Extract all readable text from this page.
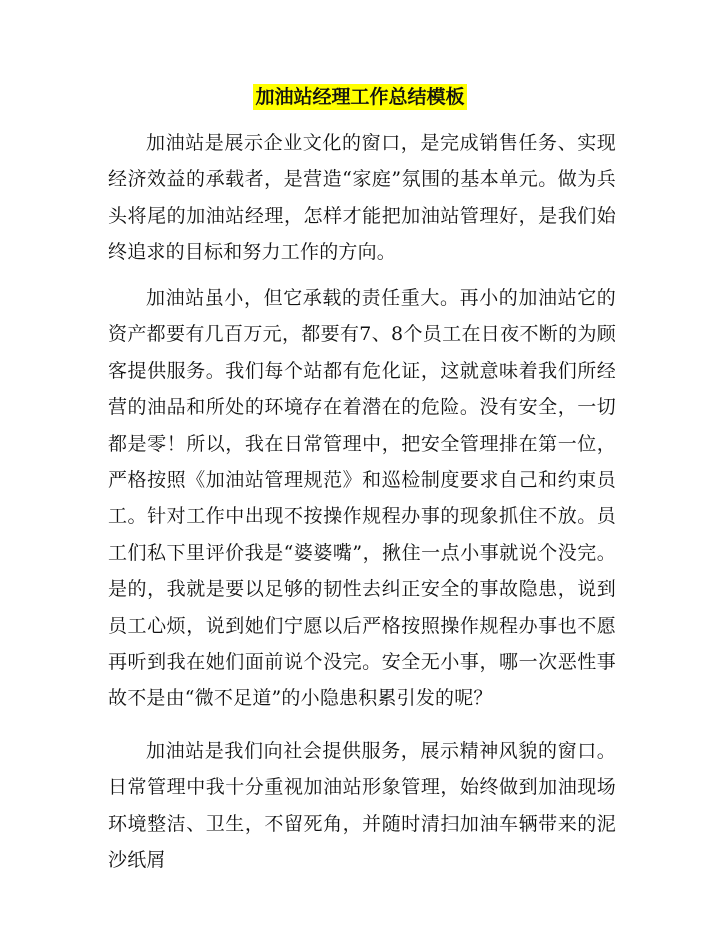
加油站经理工作总结模板

加油站是展示企业文化的窗口，是完成销售任务、实现经济效益的承载者，是营造“家庭”氛围的基本单元。做为兵头将尾的加油站经理，怎样才能把加油站管理好，是我们始终追求的目标和努力工作的方向。

加油站虽小，但它承载的责任重大。再小的加油站它的资产都要有几百万元，都要有7、8个员工在日夜不断的为顾客提供服务。我们每个站都有危化证，这就意味着我们所经营的油品和所处的环境存在着潜在的危险。没有安全，一切都是零！所以，我在日常管理中，把安全管理排在第一位，严格按照《加油站管理规范》和巡检制度要求自己和约束员工。针对工作中出现不按操作规程办事的现象抓住不放。员工们私下里评价我是“婆婆嘴”，揪住一点小事就说个没完。是的，我就是要以足够的韧性去纠正安全的事故隐患，说到员工心烦，说到她们宁愿以后严格按照操作规程办事也不愿再听到我在她们面前说个没完。安全无小事，哪一次恶性事故不是由“微不足道”的小隐患积累引发的呢？

加油站是我们向社会提供服务，展示精神风貌的窗口。日常管理中我十分重视加油站形象管理，始终做到加油现场环境整洁、卫生，不留死角，并随时清扫加油车辆带来的泥沙纸屑
